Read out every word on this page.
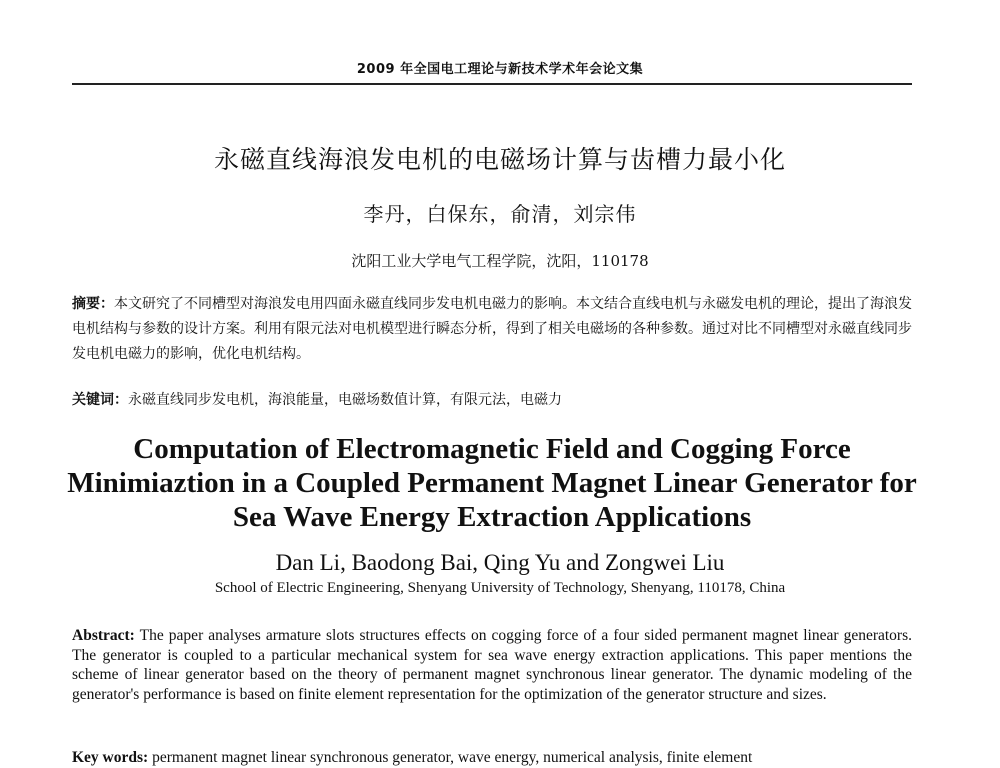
2009 年全国电工理论与新技术学术年会论文集
永磁直线海浪发电机的电磁场计算与齿槽力最小化
李丹，白保东，俞清，刘宗伟
沈阳工业大学电气工程学院，沈阳，110178
摘要：本文研究了不同槽型对海浪发电用四面永磁直线同步发电机电磁力的影响。本文结合直线电机与永磁发电机的理论，提出了海浪发电机结构与参数的设计方案。利用有限元法对电机模型进行瞬态分析，得到了相关电磁场的各种参数。通过对比不同槽型对永磁直线同步发电机电磁力的影响，优化电机结构。
关键词：永磁直线同步发电机，海浪能量，电磁场数值计算，有限元法，电磁力
Computation of Electromagnetic Field and Cogging Force
Minimiaztion in a Coupled Permanent Magnet Linear Generator for
Sea Wave Energy Extraction Applications
Dan Li, Baodong Bai, Qing Yu and Zongwei Liu
School of Electric Engineering, Shenyang University of Technology, Shenyang, 110178, China
Abstract: The paper analyses armature slots structures effects on cogging force of a four sided permanent magnet linear generators. The generator is coupled to a particular mechanical system for sea wave energy extraction applications. This paper mentions the scheme of linear generator based on the theory of permanent magnet synchronous linear generator. The dynamic modeling of the generator's performance is based on finite element representation for the optimization of the generator structure and sizes.
Key words: permanent magnet linear synchronous generator, wave energy, numerical analysis, finite element
